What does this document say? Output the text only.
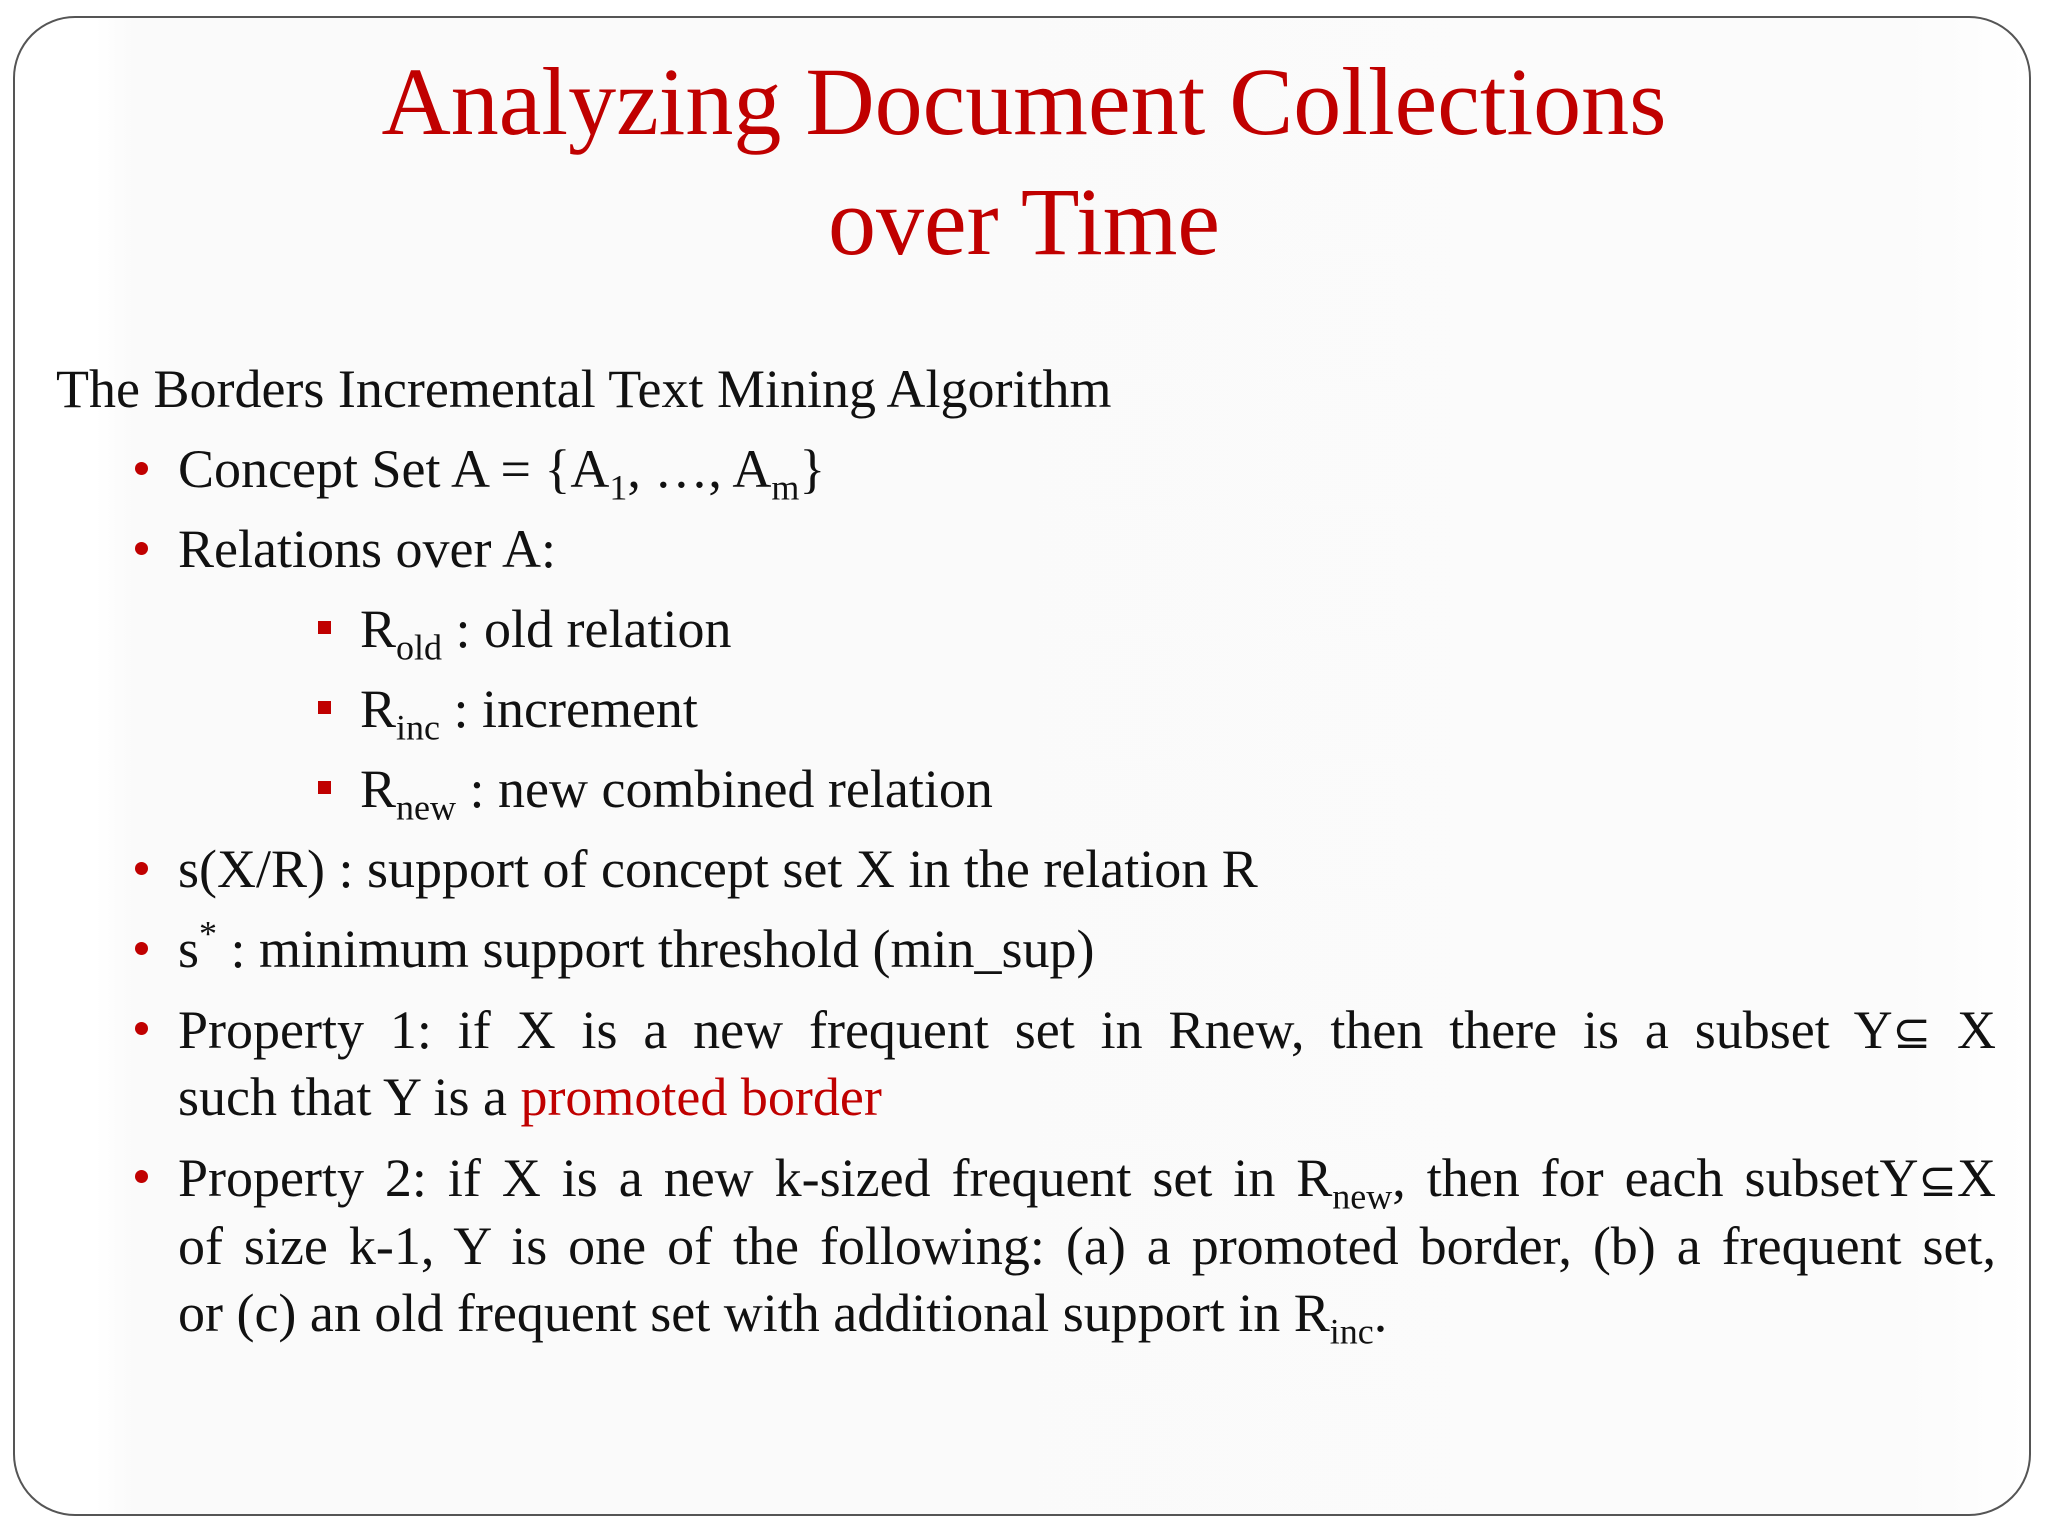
Analyzing Document Collections
over Time
The Borders Incremental Text Mining Algorithm
Concept Set $A = \{A_1$, …, $A_m$}
Relations over A:
$R_{old}$ : old relation
$R_{inc}$ : increment
$R_{new}$ : new combined relation
s(X/R) : support of concept set X in the relation R
s* : minimum support threshold (min_sup)
Property 1: if X is a new frequent set in Rnew, then there is a subset Y⊆ X
such that Y is a promoted border
Property 2: if X is a new k-sized frequent set in $R_{new}$, then for each subsetY⊆X
of size k-1, Y is one of the following: (a) a promoted border, (b) a frequent set,
or (c) an old frequent set with additional support in $R_{inc}$.
